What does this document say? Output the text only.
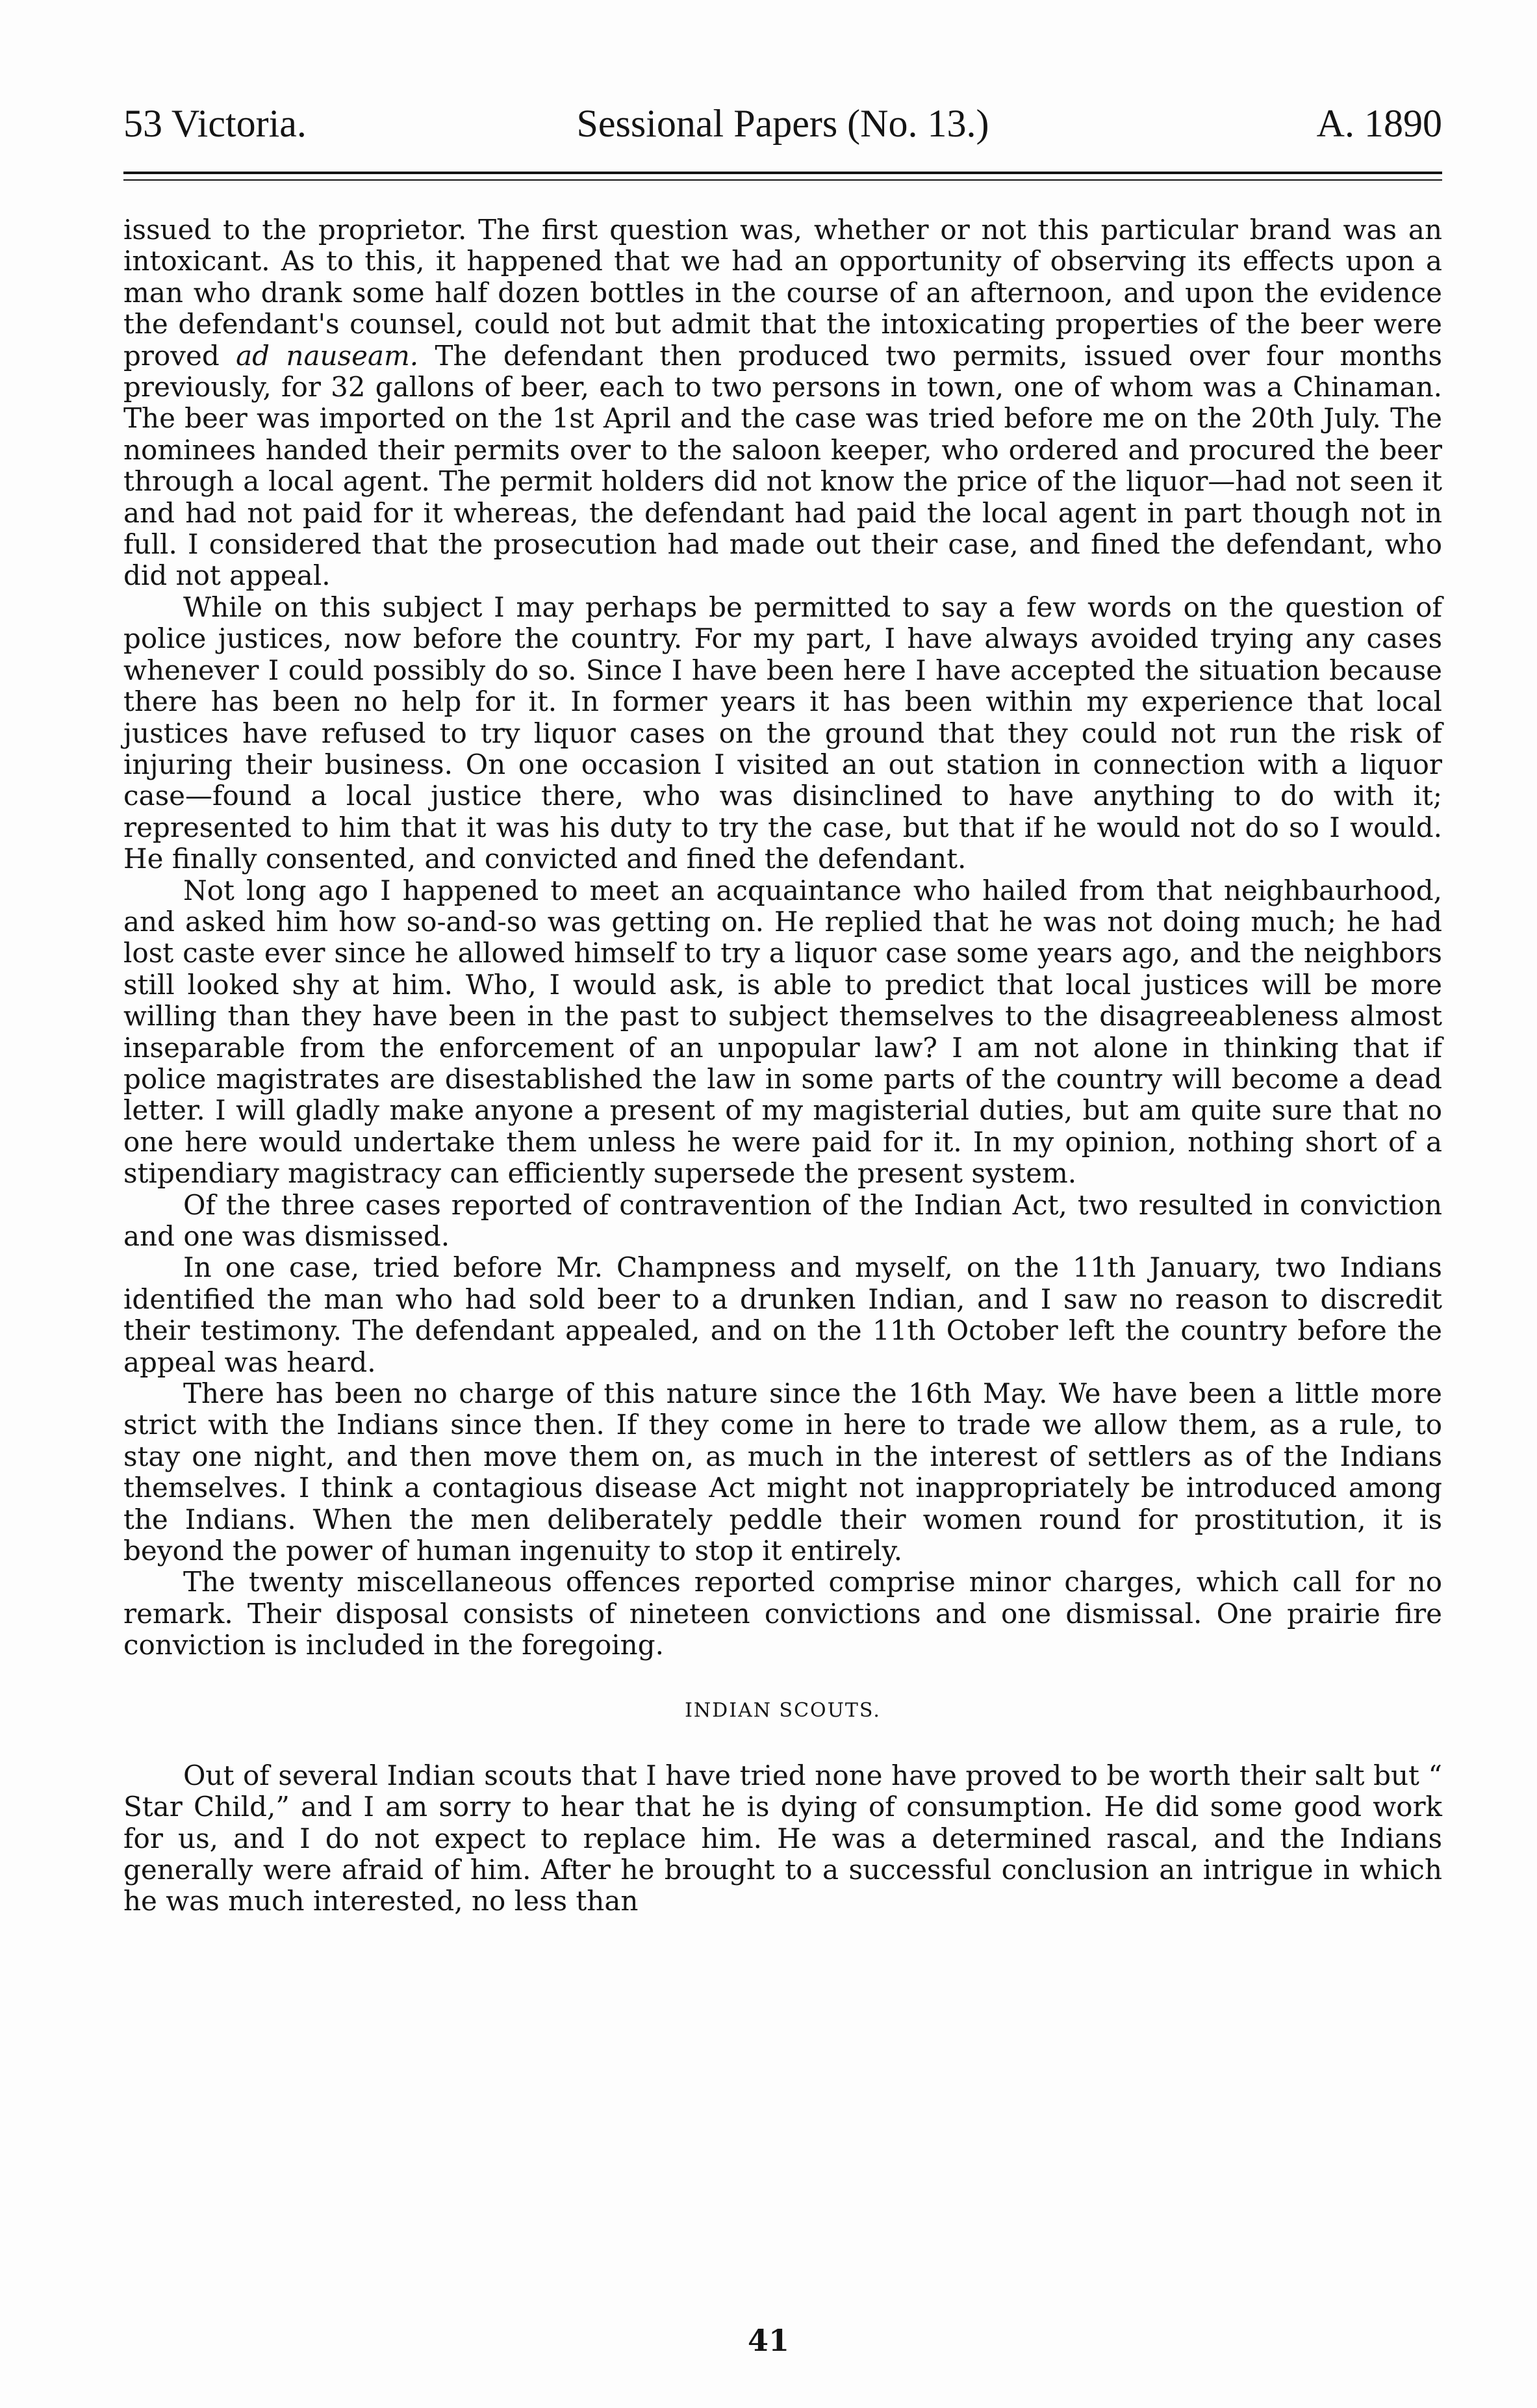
53 Victoria.	Sessional Papers (No. 13.)	A. 1890

issued to the proprietor. The first question was, whether or not this particular brand was an intoxicant. As to this, it happened that we had an opportunity of observing its effects upon a man who drank some half dozen bottles in the course of an afternoon, and upon the evidence the defendant's counsel, could not but admit that the intoxicating properties of the beer were proved ad nauseam. The defendant then produced two permits, issued over four months previously, for 32 gallons of beer, each to two persons in town, one of whom was a Chinaman. The beer was imported on the 1st April and the case was tried before me on the 20th July. The nominees handed their permits over to the saloon keeper, who ordered and procured the beer through a local agent. The permit holders did not know the price of the liquor—had not seen it and had not paid for it whereas, the defendant had paid the local agent in part though not in full. I considered that the prosecution had made out their case, and fined the defendant, who did not appeal.

While on this subject I may perhaps be permitted to say a few words on the question of police justices, now before the country. For my part, I have always avoided trying any cases whenever I could possibly do so. Since I have been here I have accepted the situation because there has been no help for it. In former years it has been within my experience that local justices have refused to try liquor cases on the ground that they could not run the risk of injuring their business. On one occasion I visited an out station in connection with a liquor case—found a local justice there, who was disinclined to have anything to do with it; represented to him that it was his duty to try the case, but that if he would not do so I would. He finally consented, and convicted and fined the defendant.

Not long ago I happened to meet an acquaintance who hailed from that neighbaurhood, and asked him how so-and-so was getting on. He replied that he was not doing much; he had lost caste ever since he allowed himself to try a liquor case some years ago, and the neighbors still looked shy at him. Who, I would ask, is able to predict that local justices will be more willing than they have been in the past to subject themselves to the disagreeableness almost inseparable from the enforcement of an unpopular law? I am not alone in thinking that if police magistrates are disestablished the law in some parts of the country will become a dead letter. I will gladly make anyone a present of my magisterial duties, but am quite sure that no one here would undertake them unless he were paid for it. In my opinion, nothing short of a stipendiary magistracy can efficiently supersede the present system.

Of the three cases reported of contravention of the Indian Act, two resulted in conviction and one was dismissed.

In one case, tried before Mr. Champness and myself, on the 11th January, two Indians identified the man who had sold beer to a drunken Indian, and I saw no reason to discredit their testimony. The defendant appealed, and on the 11th October left the country before the appeal was heard.

There has been no charge of this nature since the 16th May. We have been a little more strict with the Indians since then. If they come in here to trade we allow them, as a rule, to stay one night, and then move them on, as much in the interest of settlers as of the Indians themselves. I think a contagious disease Act might not inappropriately be introduced among the Indians. When the men deliberately peddle their women round for prostitution, it is beyond the power of human ingenuity to stop it entirely.

The twenty miscellaneous offences reported comprise minor charges, which call for no remark. Their disposal consists of nineteen convictions and one dismissal. One prairie fire conviction is included in the foregoing.

INDIAN SCOUTS.

Out of several Indian scouts that I have tried none have proved to be worth their salt but “ Star Child,” and I am sorry to hear that he is dying of consumption. He did some good work for us, and I do not expect to replace him. He was a determined rascal, and the Indians generally were afraid of him. After he brought to a successful conclusion an intrigue in which he was much interested, no less than

41
